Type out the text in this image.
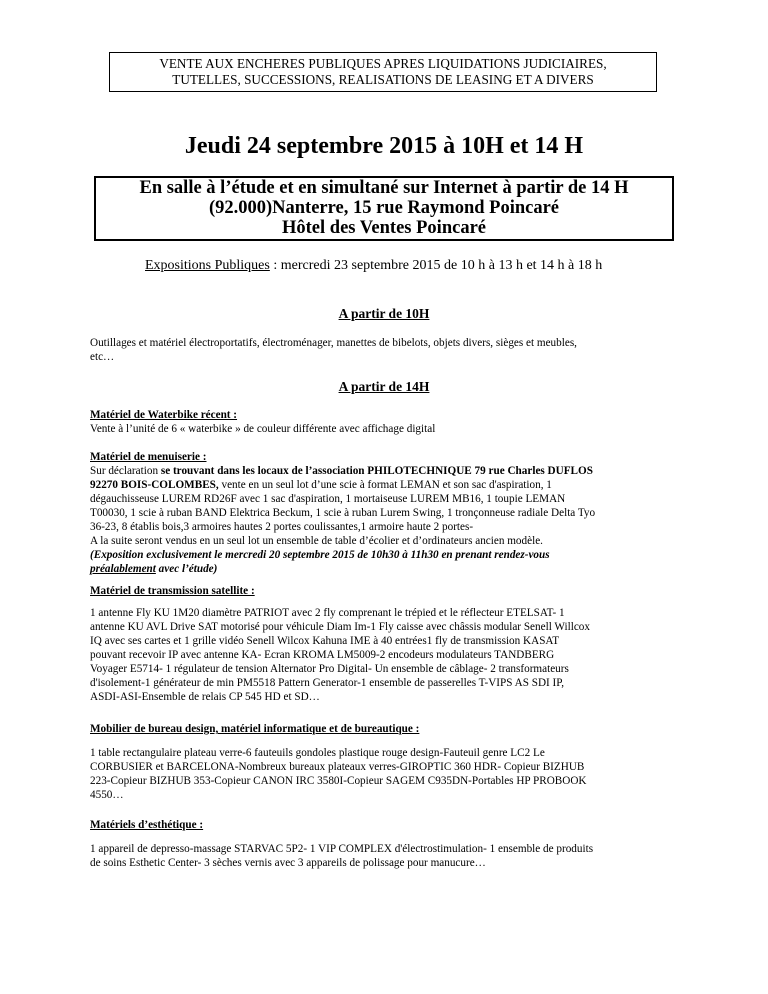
VENTE AUX ENCHERES PUBLIQUES APRES LIQUIDATIONS JUDICIAIRES,
TUTELLES, SUCCESSIONS, REALISATIONS DE LEASING ET A DIVERS
Jeudi 24 septembre 2015 à 10H et 14 H
En salle à l’étude et en simultané sur Internet à partir de 14 H
(92.000)Nanterre, 15 rue Raymond Poincaré
Hôtel des Ventes Poincaré
Expositions Publiques : mercredi 23 septembre 2015 de 10 h à 13 h et 14 h à 18 h
A partir de 10H

Outillages et matériel électroportatifs, électroménager, manettes de bibelots, objets divers, sièges et meubles,

etc…

A partir de 14H

Matériel de Waterbike récent :

Vente à l’unité de 6 « waterbike » de couleur différente avec affichage digital

Matériel de menuiserie :

Sur déclaration se trouvant dans les locaux de l’association PHILOTECHNIQUE 79 rue Charles DUFLOS

92270 BOIS-COLOMBES, vente en un seul lot d’une scie à format LEMAN et son sac d'aspiration, 1

dégauchisseuse LUREM RD26F avec 1 sac d'aspiration, 1 mortaiseuse LUREM MB16, 1 toupie LEMAN

T00030, 1 scie à ruban BAND Elektrica Beckum, 1 scie à ruban Lurem Swing, 1 tronçonneuse radiale Delta Tyo

36-23, 8 établis bois,3 armoires hautes 2 portes coulissantes,1 armoire haute 2 portes-

A la suite seront vendus en un seul lot un ensemble de table d’écolier et d’ordinateurs ancien modèle.

(Exposition exclusivement le mercredi 20 septembre 2015 de 10h30 à 11h30 en prenant rendez-vous

préalablement avec l’étude)

Matériel de transmission satellite :

1 antenne Fly KU 1M20 diamètre PATRIOT avec 2 fly comprenant le trépied et le réflecteur ETELSAT- 1

antenne KU AVL Drive SAT motorisé pour véhicule Diam Im-1 Fly caisse avec châssis modular Senell Willcox

IQ avec ses cartes et 1 grille vidéo Senell Wilcox Kahuna IME à 40 entrées1 fly de transmission KASAT

pouvant recevoir IP avec antenne KA- Ecran KROMA LM5009-2 encodeurs modulateurs TANDBERG

Voyager E5714- 1 régulateur de tension Alternator Pro Digital- Un ensemble de câblage- 2 transformateurs

d'isolement-1 générateur de min PM5518 Pattern Generator-1 ensemble de passerelles T-VIPS AS SDI IP,

ASDI-ASI-Ensemble de relais CP 545 HD et SD…

Mobilier de bureau design, matériel informatique et de bureautique :

1 table rectangulaire plateau verre-6 fauteuils gondoles plastique rouge design-Fauteuil genre LC2 Le

CORBUSIER et BARCELONA-Nombreux bureaux plateaux verres-GIROPTIC 360 HDR- Copieur BIZHUB

223-Copieur BIZHUB 353-Copieur CANON IRC 3580I-Copieur SAGEM C935DN-Portables HP PROBOOK

4550…

Matériels d’esthétique :

1 appareil de depresso-massage STARVAC 5P2- 1 VIP COMPLEX d'électrostimulation- 1 ensemble de produits

de soins Esthetic Center- 3 sèches vernis avec 3 appareils de polissage pour manucure…
